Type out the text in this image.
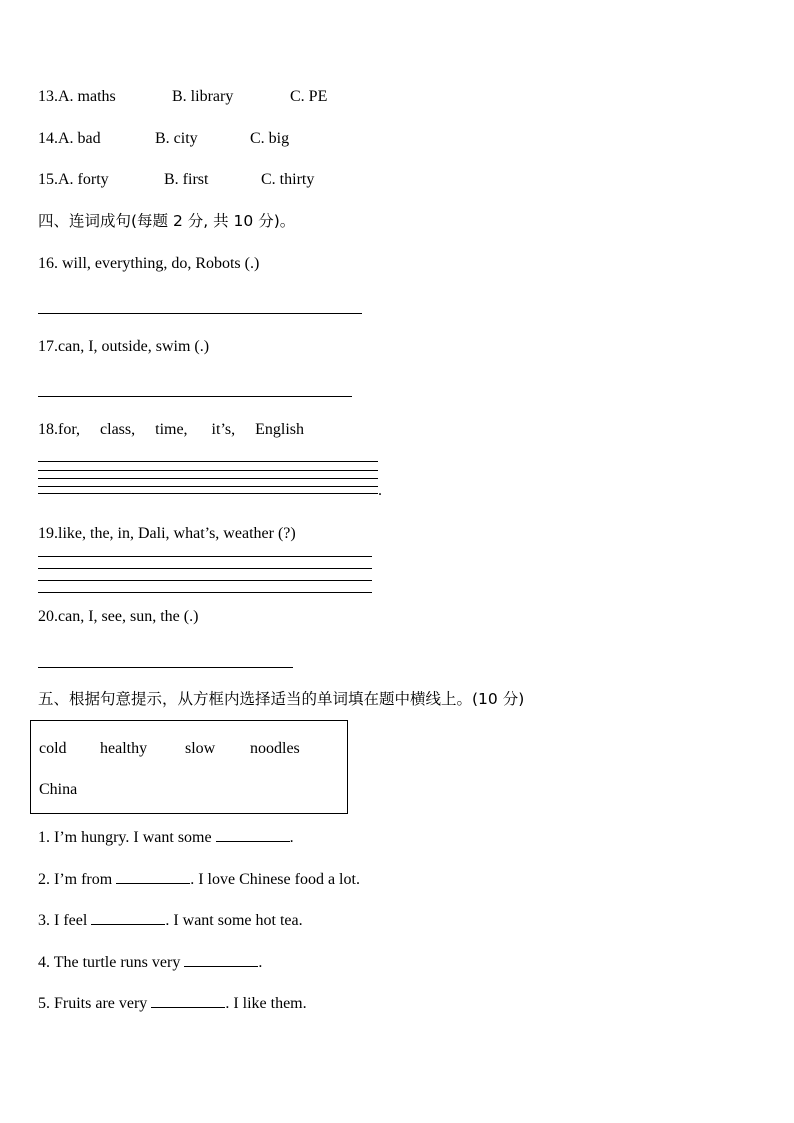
13.A. maths	B. library	C. PE
14.A. bad	B. city	C. big
15.A. forty	B. first	C. thirty
四、连词成句(每题 2 分, 共 10 分)。
16. will, everything, do, Robots (.)
17.can, I, outside, swim (.)
18.for,     class,     time,      it’s,     English
.
19.like, the, in, Dali, what’s, weather (?)
20.can, I, see, sun, the (.)
五、根据句意提示，从方框内选择适当的单词填在题中横线上。(10 分)
cold healthy slow noodles
China
1. I’m hungry. I want some	.
2. I’m from	. I love Chinese food a lot.
3. I feel	. I want some hot tea.
4. The turtle runs very	.
5. Fruits are very	. I like them.
